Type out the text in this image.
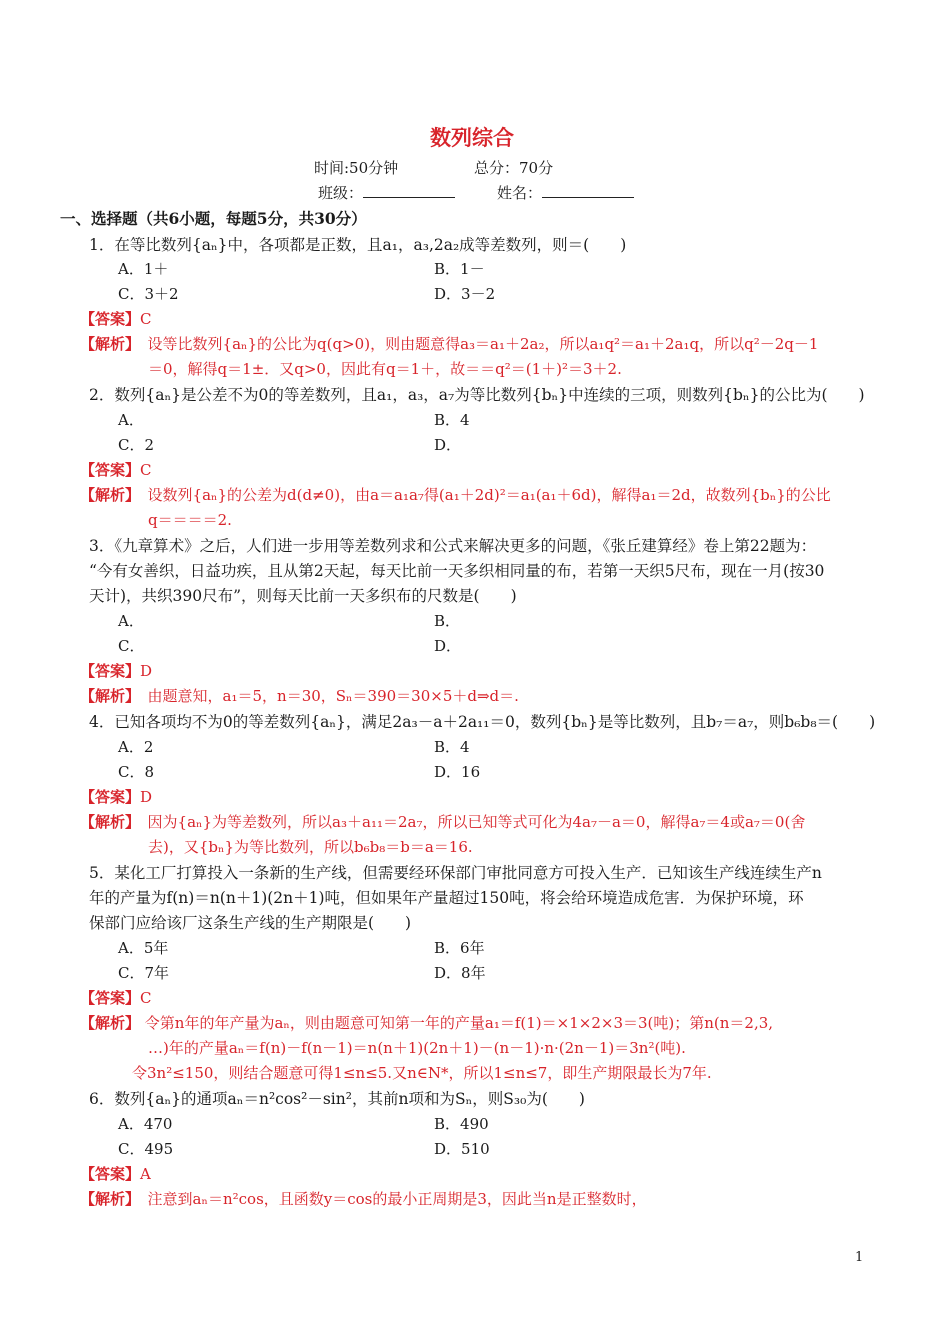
数列综合
时间:50分钟	总分：70分
班级：	姓名：
一、选择题（共6小题，每题5分，共30分）
1．在等比数列{aₙ}中，各项都是正数，且a₁，a₃,2a₂成等差数列，则＝(　　)
A．1＋	B．1－
C．3＋2	D．3－2
【答案】C
【解析】　 设等比数列{aₙ}的公比为q(q>0)，则由题意得a₃＝a₁＋2a₂，所以a₁q²＝a₁＋2a₁q，所以q²－2q－1
＝0，解得q＝1±．又q>0，因此有q＝1＋，故＝＝q²＝(1＋)²＝3＋2.
2．数列{aₙ}是公差不为0的等差数列，且a₁，a₃，a₇为等比数列{bₙ}中连续的三项，则数列{bₙ}的公比为(　　)
A．	B．4
C．2	D．
【答案】C
【解析】　 设数列{aₙ}的公差为d(d≠0)，由a＝a₁a₇得(a₁＋2d)²＝a₁(a₁＋6d)，解得a₁＝2d，故数列{bₙ}的公比
q＝＝＝＝2.
3．《九章算术》之后，人们进一步用等差数列求和公式来解决更多的问题，《张丘建算经》卷上第22题为：
“今有女善织，日益功疾，且从第2天起，每天比前一天多织相同量的布，若第一天织5尺布，现在一月(按30
天计)，共织390尺布”，则每天比前一天多织布的尺数是(　　)
A．	B．
C．	D．
【答案】D
【解析】　 由题意知，a₁＝5，n＝30，Sₙ＝390＝30×5＋d⇒d＝.
4．已知各项均不为0的等差数列{aₙ}，满足2a₃－a＋2a₁₁＝0，数列{bₙ}是等比数列，且b₇＝a₇，则b₆b₈＝(　　)
A．2	B．4
C．8	D．16
【答案】D
【解析】　 因为{aₙ}为等差数列，所以a₃＋a₁₁＝2a₇，所以已知等式可化为4a₇－a＝0，解得a₇＝4或a₇＝0(舍
去)，又{bₙ}为等比数列，所以b₆b₈＝b＝a＝16.
5．某化工厂打算投入一条新的生产线，但需要经环保部门审批同意方可投入生产．已知该生产线连续生产n
年的产量为f(n)＝n(n＋1)(2n＋1)吨，但如果年产量超过150吨，将会给环境造成危害．为保护环境，环
保部门应给该厂这条生产线的生产期限是(　　)
A．5年	B．6年
C．7年	D．8年
【答案】C
【解析】 令第n年的年产量为aₙ，则由题意可知第一年的产量a₁＝f(1)＝×1×2×3＝3(吨)；第n(n＝2,3,
…)年的产量aₙ＝f(n)－f(n－1)＝n(n＋1)(2n＋1)－(n－1)·n·(2n－1)＝3n²(吨).
令3n²≤150，则结合题意可得1≤n≤5.又n∈N*，所以1≤n≤7，即生产期限最长为7年.
6．数列{aₙ}的通项aₙ＝n²cos²－sin²，其前n项和为Sₙ，则S₃₀为(　　)
A．470	B．490
C．495	D．510
【答案】A
【解析】　 注意到aₙ＝n²cos，且函数y＝cos的最小正周期是3，因此当n是正整数时，
1
